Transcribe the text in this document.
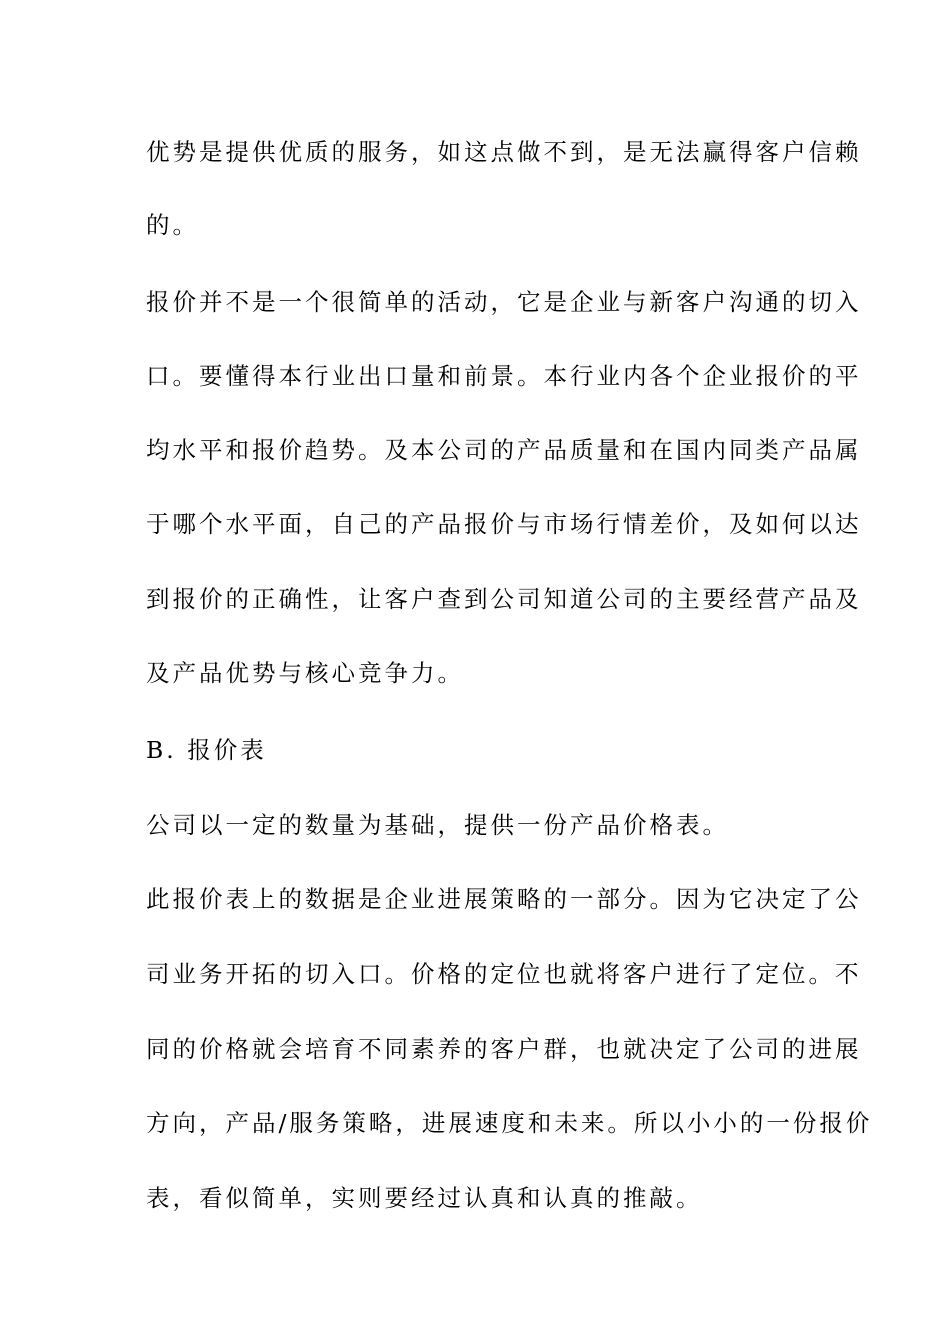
优势是提供优质的服务，如这点做不到，是无法赢得客户信赖
的。
报价并不是一个很简单的活动，它是企业与新客户沟通的切入
口。要懂得本行业出口量和前景。本行业内各个企业报价的平
均水平和报价趋势。及本公司的产品质量和在国内同类产品属
于哪个水平面，自己的产品报价与市场行情差价，及如何以达
到报价的正确性，让客户查到公司知道公司的主要经营产品及
及产品优势与核心竞争力。
B. 报价表
公司以一定的数量为基础，提供一份产品价格表。
此报价表上的数据是企业进展策略的一部分。因为它决定了公
司业务开拓的切入口。价格的定位也就将客户进行了定位。不
同的价格就会培育不同素养的客户群，也就决定了公司的进展
方向，产品/服务策略，进展速度和未来。所以小小的一份报价
表，看似简单，实则要经过认真和认真的推敲。
